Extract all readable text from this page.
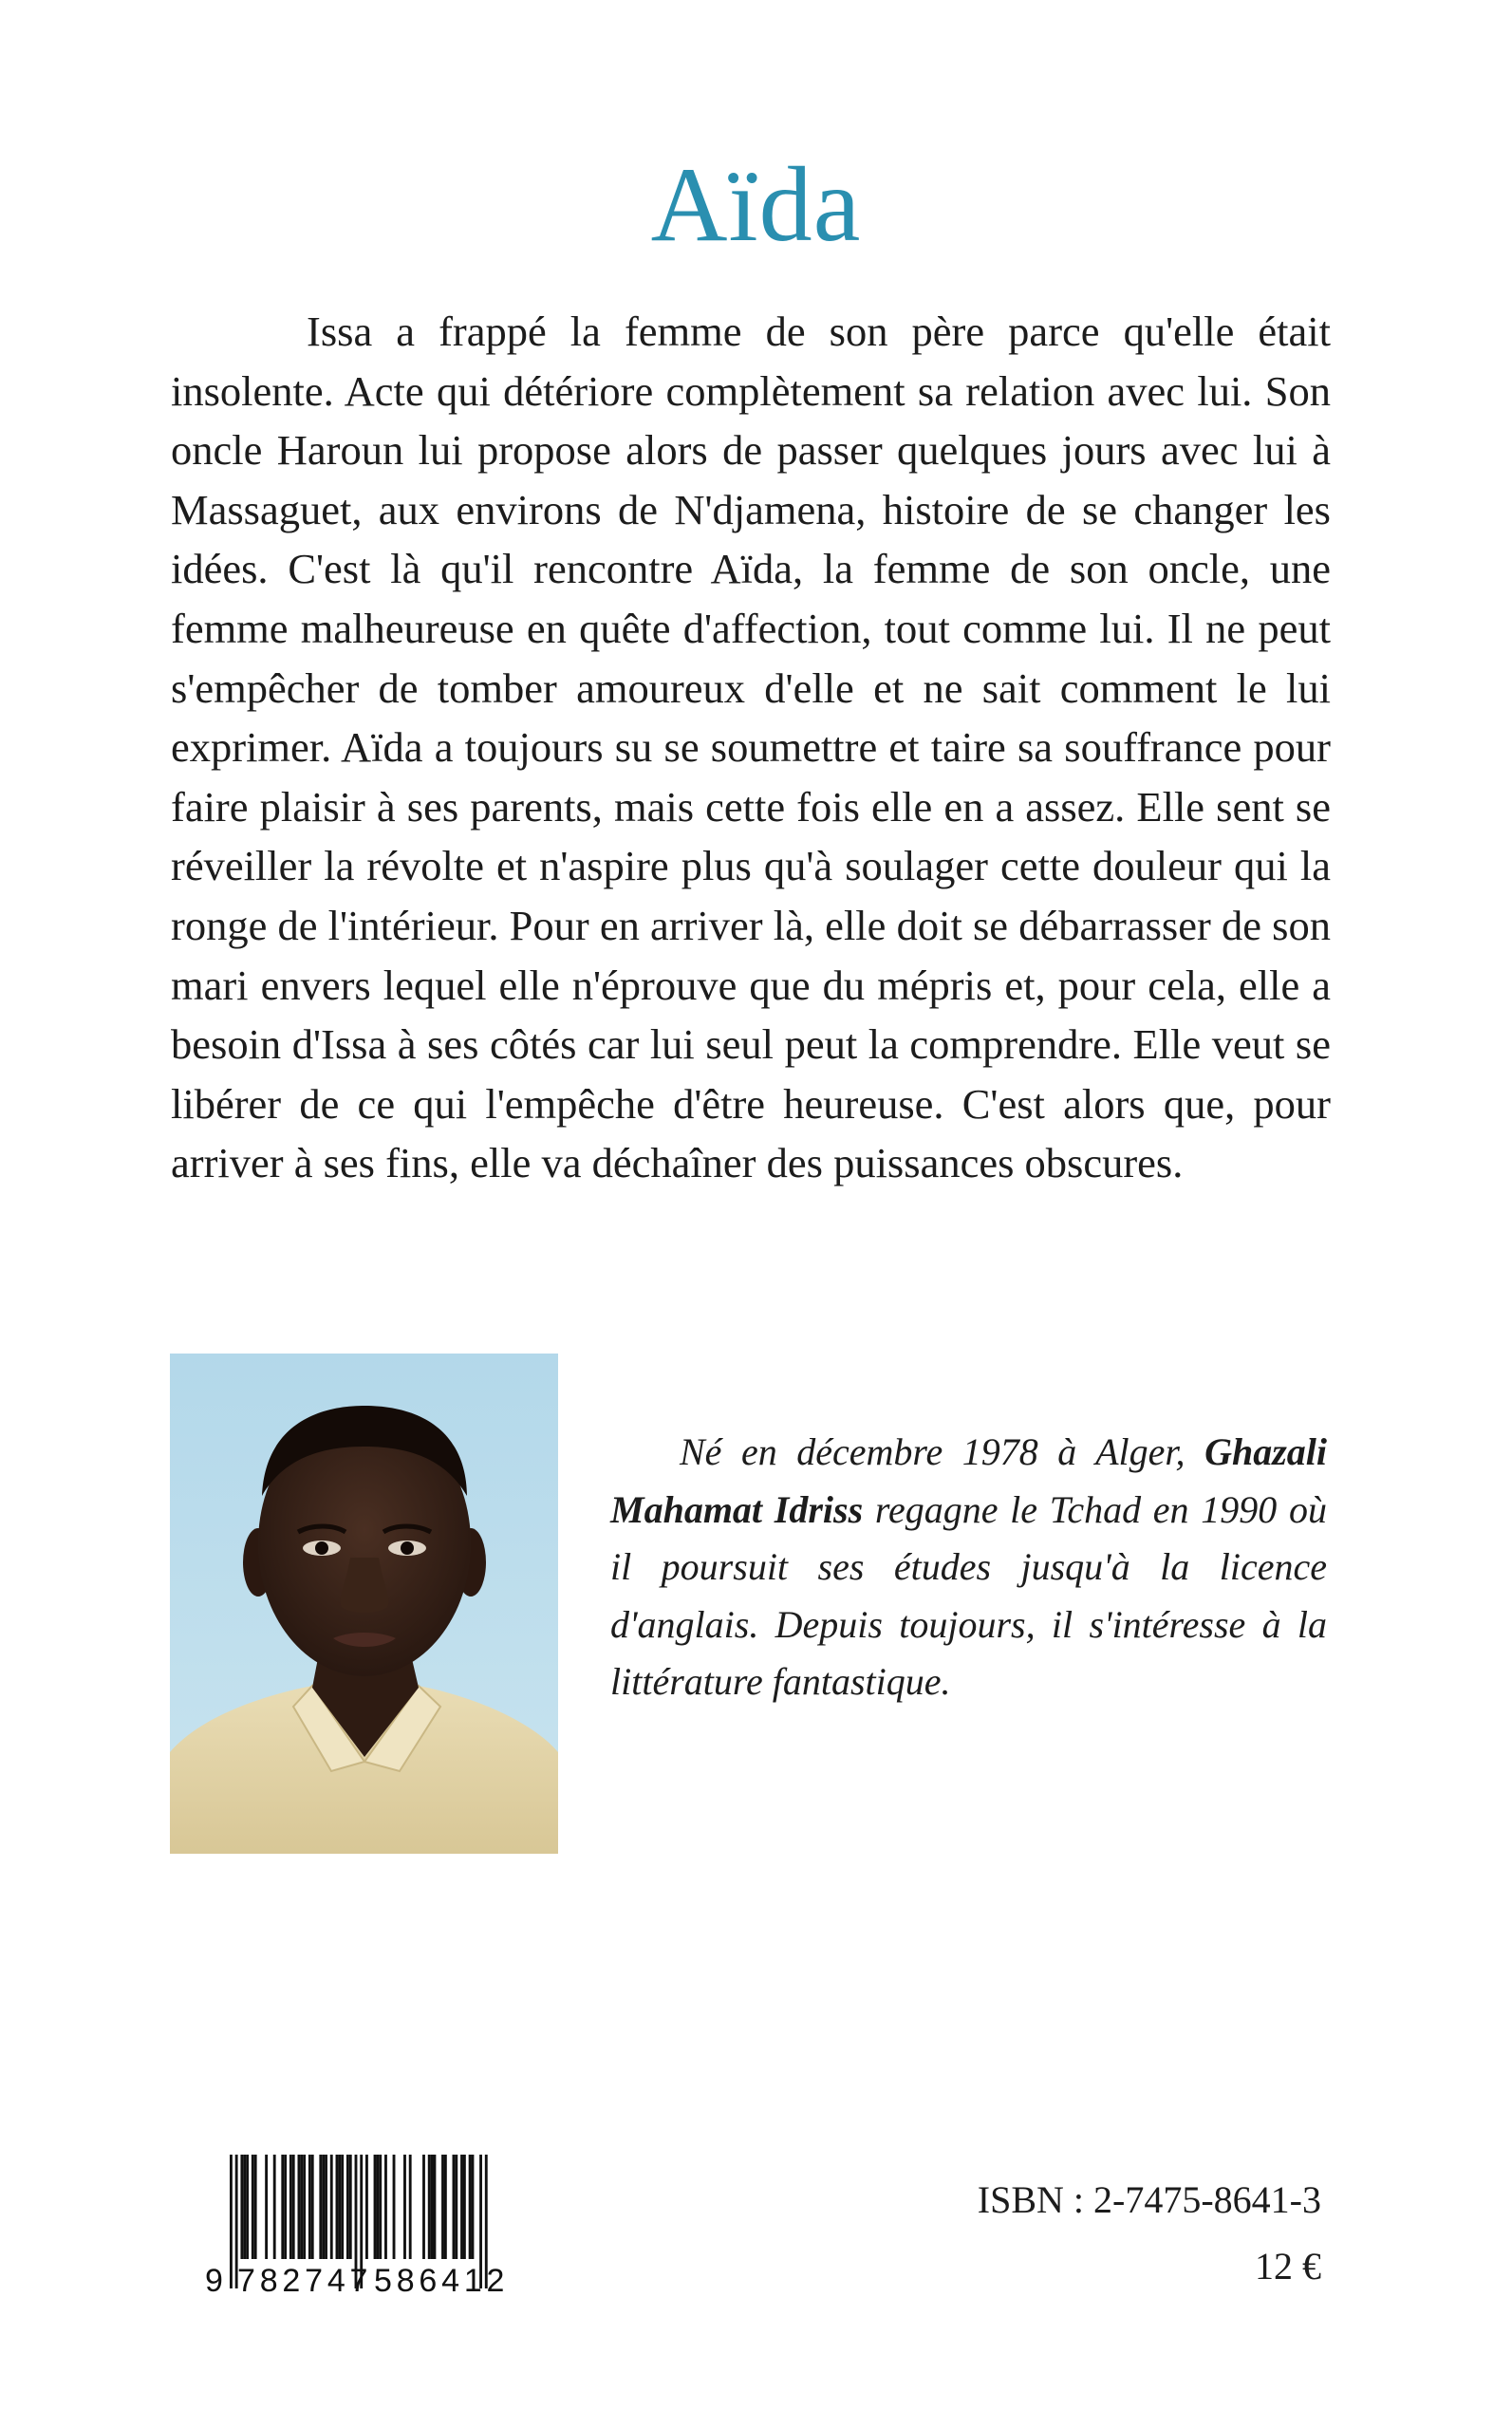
Aïda

Issa a frappé la femme de son père parce qu'elle était insolente. Acte qui détériore complètement sa relation avec lui. Son oncle Haroun lui propose alors de passer quelques jours avec lui à Massaguet, aux environs de N'djamena, histoire de se changer les idées. C'est là qu'il rencontre Aïda, la femme de son oncle, une femme malheureuse en quête d'affection, tout comme lui. Il ne peut s'empêcher de tomber amoureux d'elle et ne sait comment le lui exprimer. Aïda a toujours su se soumettre et taire sa souffrance pour faire plaisir à ses parents, mais cette fois elle en a assez. Elle sent se réveiller la révolte et n'aspire plus qu'à soulager cette douleur qui la ronge de l'intérieur. Pour en arriver là, elle doit se débarrasser de son mari envers lequel elle n'éprouve que du mépris et, pour cela, elle a besoin d'Issa à ses côtés car lui seul peut la comprendre. Elle veut se libérer de ce qui l'empêche d'être heureuse. C'est alors que, pour arriver à ses fins, elle va déchaîner des puissances obscures.

Né en décembre 1978 à Alger, Ghazali Mahamat Idriss regagne le Tchad en 1990 où il poursuit ses études jusqu'à la licence d'anglais. Depuis toujours, il s'intéresse à la littérature fantastique.

9 782747 586412
ISBN : 2-7475-8641-3
12 €
